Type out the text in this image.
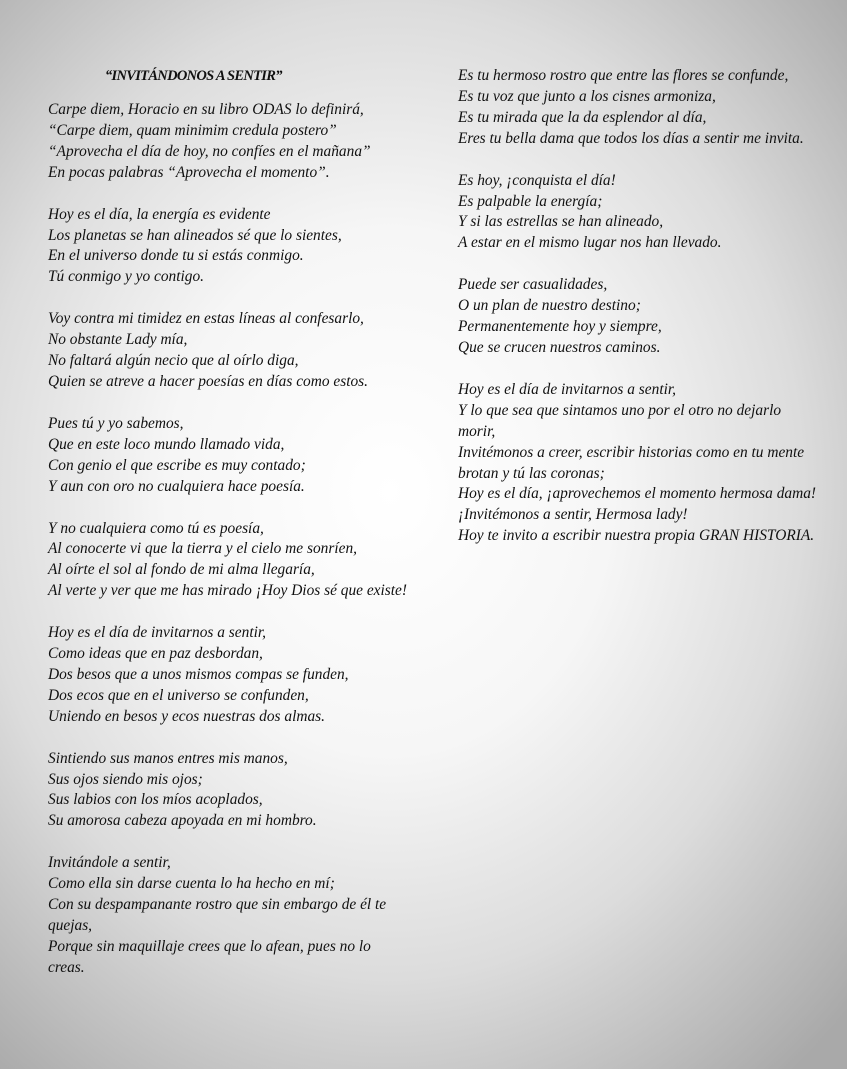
“INVITÁNDONOS A SENTIR”
Carpe diem, Horacio en su libro ODAS lo definirá,
“Carpe diem, quam minimim credula postero”
“Aprovecha el día de hoy, no confíes en el mañana”
En pocas palabras “Aprovecha el momento”.
Hoy es el día, la energía es evidente
Los planetas se han alineados sé que lo sientes,
En el universo donde tu si estás conmigo.
Tú conmigo y yo contigo.
Voy contra mi timidez en estas líneas al confesarlo,
No obstante Lady mía,
No faltará algún necio que al oírlo diga,
Quien se atreve a hacer poesías en días como estos.
Pues tú y yo sabemos,
Que en este loco mundo llamado vida,
Con genio el que escribe es muy contado;
Y aun con oro no cualquiera hace poesía.
Y no cualquiera como tú es poesía,
Al conocerte vi que la tierra y el cielo me sonríen,
Al oírte el sol al fondo de mi alma llegaría,
Al verte y ver que me has mirado ¡Hoy Dios sé que existe!
Hoy es el día de invitarnos a sentir,
Como ideas que en paz desbordan,
Dos besos que a unos mismos compas se funden,
Dos ecos que en el universo se confunden,
Uniendo en besos y ecos nuestras dos almas.
Sintiendo sus manos entres mis manos,
Sus ojos siendo mis ojos;
Sus labios con los míos acoplados,
Su amorosa cabeza apoyada en mi hombro.
Invitándole a sentir,
Como ella sin darse cuenta lo ha hecho en mí;
Con su despampanante rostro que sin embargo de él te quejas,
Porque sin maquillaje crees que lo afean, pues no lo creas.
Es tu hermoso rostro que entre las flores se confunde,
Es tu voz que junto a los cisnes armoniza,
Es tu mirada que la da esplendor al día,
Eres tu bella dama que todos los días a sentir me invita.
Es hoy, ¡conquista el día!
Es palpable la energía;
Y si las estrellas se han alineado,
A estar en el mismo lugar nos han llevado.
Puede ser casualidades,
O un plan de nuestro destino;
Permanentemente hoy y siempre,
Que se crucen nuestros caminos.
Hoy es el día de invitarnos a sentir,
Y lo que sea que sintamos uno por el otro no dejarlo morir,
Invitémonos a creer, escribir historias como en tu mente brotan y tú las coronas;
Hoy es el día, ¡aprovechemos el momento hermosa dama!
¡Invitémonos a sentir, Hermosa lady!
Hoy te invito a escribir nuestra propia GRAN HISTORIA.
